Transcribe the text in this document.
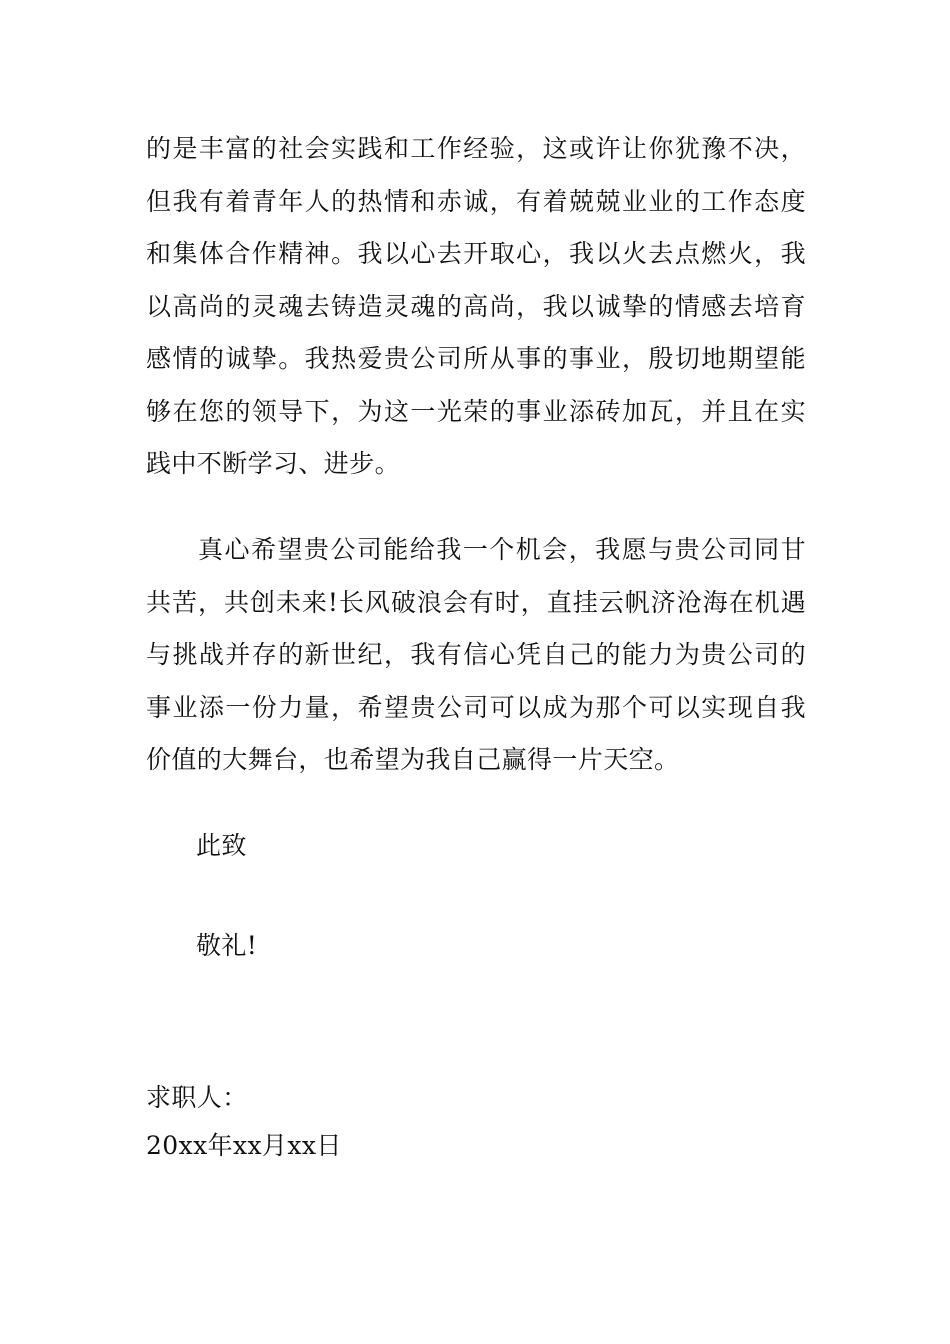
的是丰富的社会实践和工作经验，这或许让你犹豫不决，但我有着青年人的热情和赤诚，有着兢兢业业的工作态度和集体合作精神。我以心去开取心，我以火去点燃火，我以高尚的灵魂去铸造灵魂的高尚，我以诚挚的情感去培育感情的诚挚。我热爱贵公司所从事的事业，殷切地期望能够在您的领导下，为这一光荣的事业添砖加瓦，并且在实践中不断学习、进步。

真心希望贵公司能给我一个机会，我愿与贵公司同甘共苦，共创未来!长风破浪会有时，直挂云帆济沧海在机遇与挑战并存的新世纪，我有信心凭自己的能力为贵公司的事业添一份力量，希望贵公司可以成为那个可以实现自我价值的大舞台，也希望为我自己赢得一片天空。

此致

敬礼!

求职人：

20xx年xx月xx日
